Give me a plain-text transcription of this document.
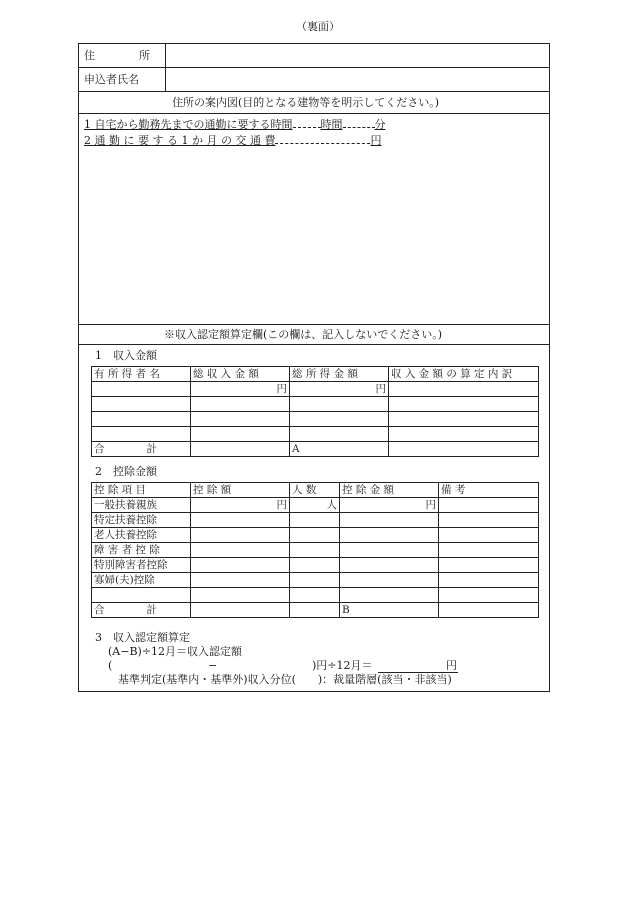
（裏面）
住　　　　所
申込者氏名
住所の案内図(目的となる建物等を明示してください。)
1 自宅から勤務先までの通勤に要する時間	時間	分
2 通 勤 に 要 す る 1 か 月 の 交 通 費	円
※収入認定額算定欄(この欄は、記入しないでください。)
1　収入金額
有 所 得 者 名	総 収 入 金 額	総 所 得 金 額	収 入 金 額 の 算 定 内 訳
	円	円	

合　　　　計		A	
2　控除金額
控 除 項 目	控 除 額	人 数	控 除 金 額	備 考
一般扶養親族	円	人	円	
特定扶養控除				
老人扶養控除				
障 害 者 控 除				
特別障害者控除				
寡婦(夫)控除				

合　　　　計			B	
3　収入認定額算定
(A−B)÷12月＝収入認定額
(	−	)円÷12月＝	円
基準判定(基準内・基準外)収入分位(　　)：裁量階層(該当・非該当)
